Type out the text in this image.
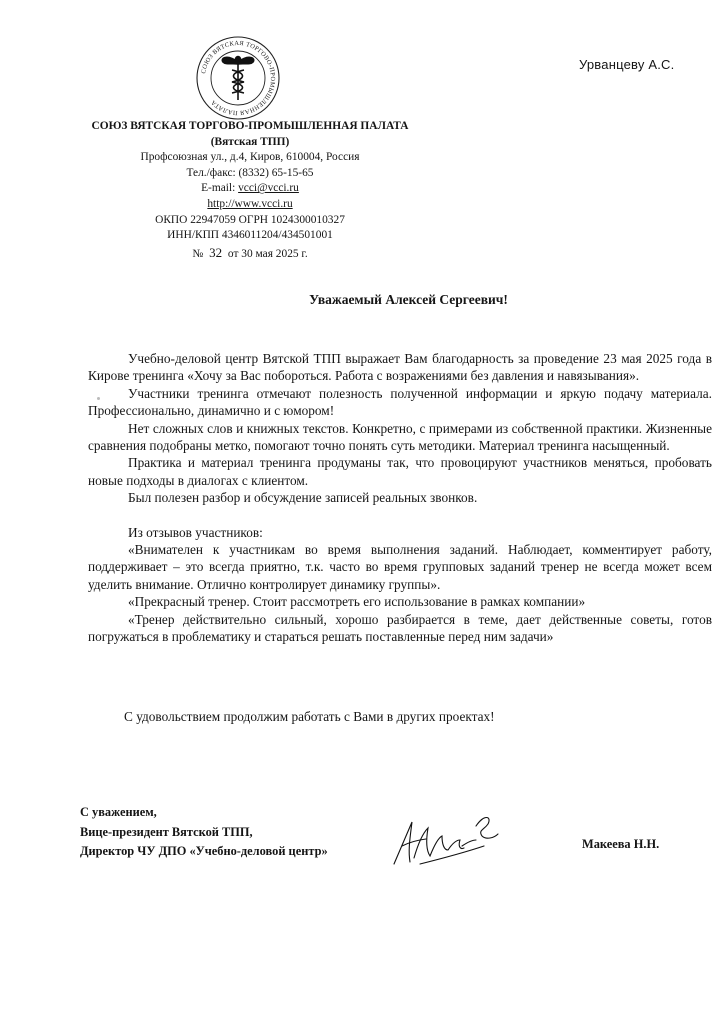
СОЮЗ ВЯТСКАЯ ТОРГОВО-ПРОМЫШЛЕННАЯ ПАЛАТА
Урванцеву А.С.
СОЮЗ ВЯТСКАЯ ТОРГОВО-ПРОМЫШЛЕННАЯ ПАЛАТА
(Вятская ТПП)
Профсоюзная ул., д.4, Киров, 610004, Россия
Тел./факс: (8332) 65-15-65
E-mail: vcci@vcci.ru
http://www.vcci.ru
ОКПО 22947059 ОГРН 1024300010327
ИНН/КПП 4346011204/434501001
№ 32 от 30 мая 2025 г.
Уважаемый Алексей Сергеевич!

Учебно-деловой центр Вятской ТПП выражает Вам благодарность за проведение 23 мая 2025 года в Кирове тренинга «Хочу за Вас побороться. Работа с возражениями без давления и навязывания».

Участники тренинга отмечают полезность полученной информации и яркую подачу материала. Профессионально, динамично и с юмором!

Нет сложных слов и книжных текстов. Конкретно, с примерами из собственной практики. Жизненные сравнения подобраны метко, помогают точно понять суть методики. Материал тренинга насыщенный.

Практика и материал тренинга продуманы так, что провоцируют участников меняться, пробовать новые подходы в диалогах с клиентом.

Был полезен разбор и обсуждение записей реальных звонков.

Из отзывов участников:

«Внимателен к участникам во время выполнения заданий. Наблюдает, комментирует работу, поддерживает – это всегда приятно, т.к. часто во время групповых заданий тренер не всегда может всем уделить внимание. Отлично контролирует динамику группы».

«Прекрасный тренер. Стоит рассмотреть его использование в рамках компании»

«Тренер действительно сильный, хорошо разбирается в теме, дает действенные советы, готов погружаться в проблематику и стараться решать поставленные перед ним задачи»

С удовольствием продолжим работать с Вами в других проектах!
С уважением,
Вице-президент Вятской ТПП,
Директор ЧУ ДПО «Учебно-деловой центр»	Макеева Н.Н.
